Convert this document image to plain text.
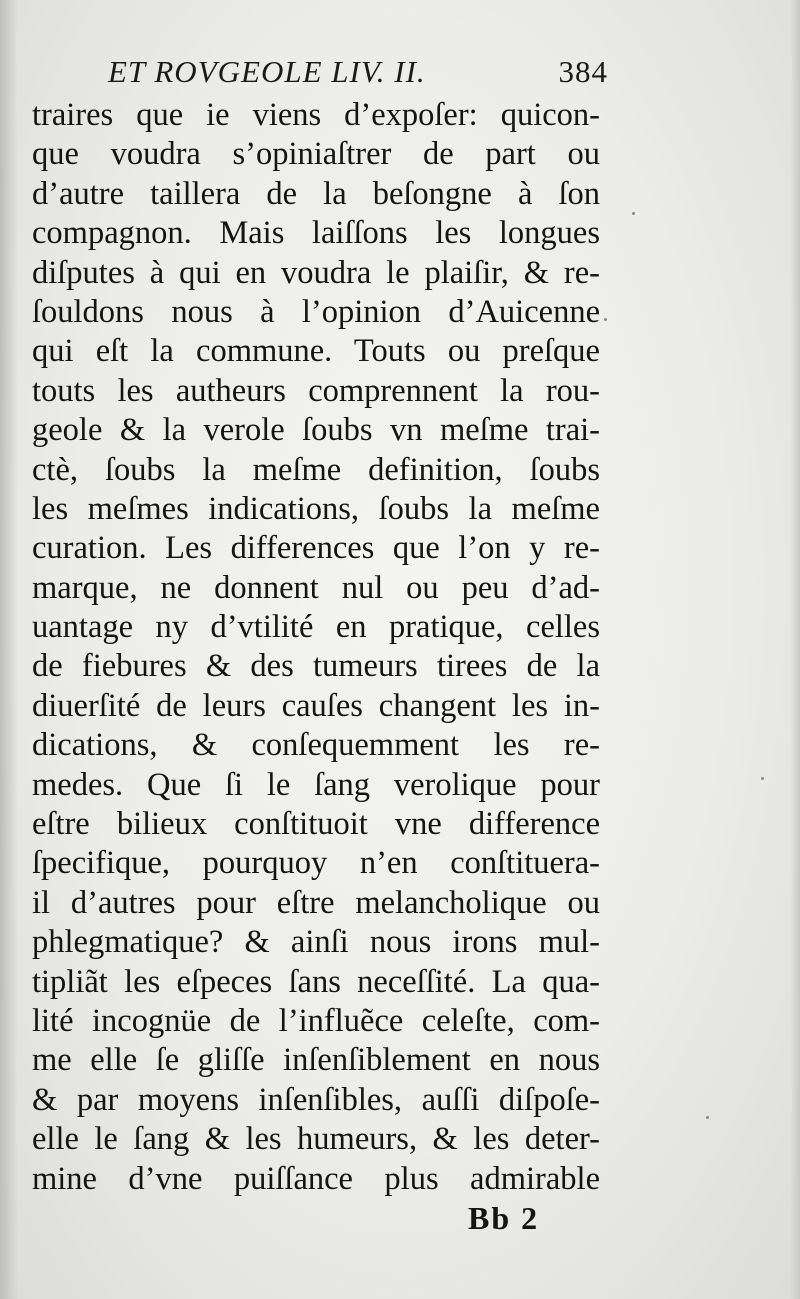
ET ROVGEOLE LIV. II.	384
traires que ie viens d’expoſer: quicon-
que voudra s’opiniaſtrer de part ou
d’autre taillera de la beſongne à ſon
compagnon. Mais laiſſons les longues
diſputes à qui en voudra le plaiſir, & re-
ſouldons nous à l’opinion d’Auicenne
qui eſt la commune. Touts ou preſque
touts les autheurs comprennent la rou-
geole & la verole ſoubs vn meſme trai-
ctè, ſoubs la meſme definition, ſoubs
les meſmes indications, ſoubs la meſme
curation. Les differences que l’on y re-
marque, ne donnent nul ou peu d’ad-
uantage ny d’vtilité en pratique, celles
de fiebures & des tumeurs tirees de la
diuerſité de leurs cauſes changent les in-
dications, & conſequemment les re-
medes. Que ſi le ſang verolique pour
eſtre bilieux conſtituoit vne difference
ſpecifique, pourquoy n’en conſtituera-
il d’autres pour eſtre melancholique ou
phlegmatique? & ainſi nous irons mul-
tipliãt les eſpeces ſans neceſſité. La qua-
lité incognüe de l’influẽce celeſte, com-
me elle ſe gliſſe inſenſiblement en nous
& par moyens inſenſibles, auſſi diſpoſe-
elle le ſang & les humeurs, & les deter-
mine d’vne puiſſance plus admirable
Bb 2
